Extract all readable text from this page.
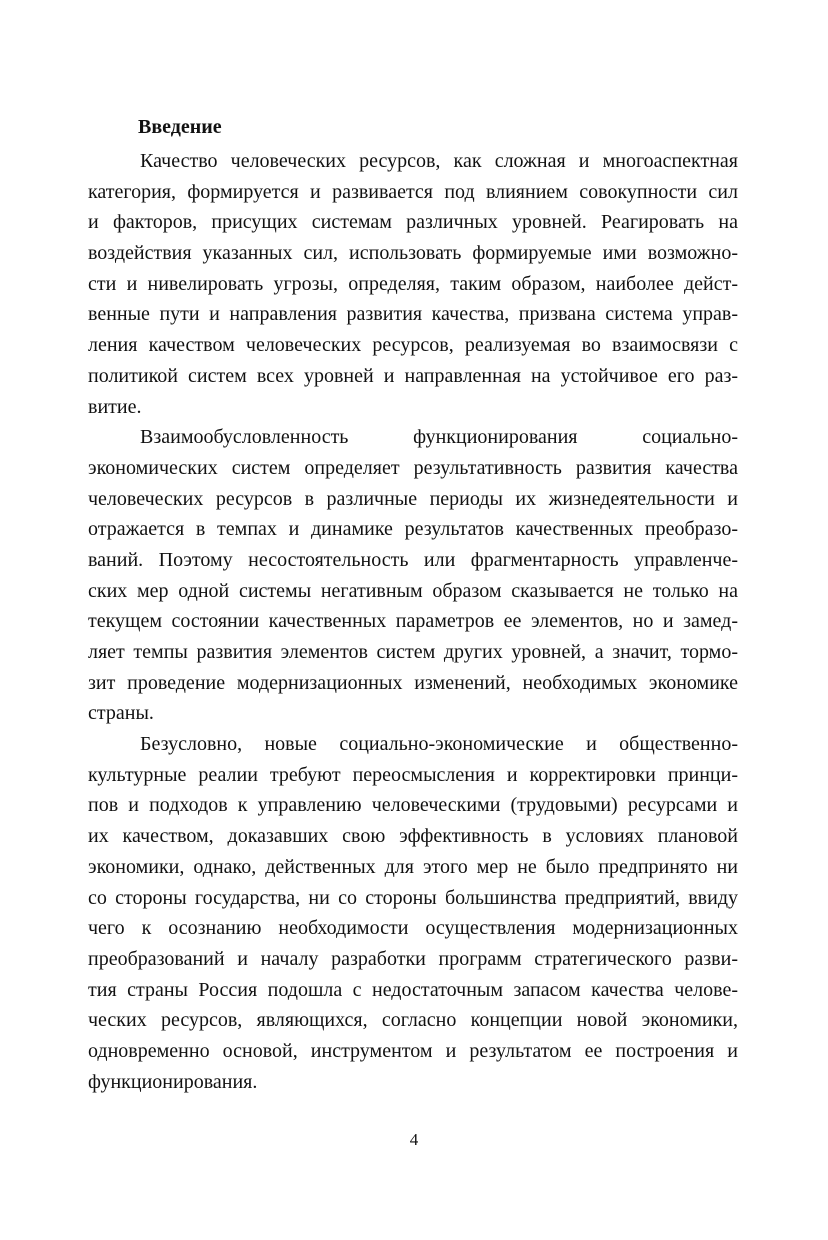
Введение
Качество человеческих ресурсов, как сложная и многоаспектная
категория, формируется и развивается под влиянием совокупности сил
и факторов, присущих системам различных уровней. Реагировать на
воздействия указанных сил, использовать формируемые ими возможно-
сти и нивелировать угрозы, определяя, таким образом, наиболее дейст-
венные пути и направления развития качества, призвана система управ-
ления качеством человеческих ресурсов, реализуемая во взаимосвязи с
политикой систем всех уровней и направленная на устойчивое его раз-
витие.
Взаимообусловленность функционирования социально-
экономических систем определяет результативность развития качества
человеческих ресурсов в различные периоды их жизнедеятельности и
отражается в темпах и динамике результатов качественных преобразо-
ваний. Поэтому несостоятельность или фрагментарность управленче-
ских мер одной системы негативным образом сказывается не только на
текущем состоянии качественных параметров ее элементов, но и замед-
ляет темпы развития элементов систем других уровней, а значит, тормо-
зит проведение модернизационных изменений, необходимых экономике
страны.
Безусловно, новые социально-экономические и общественно-
культурные реалии требуют переосмысления и корректировки принци-
пов и подходов к управлению человеческими (трудовыми) ресурсами и
их качеством, доказавших свою эффективность в условиях плановой
экономики, однако, действенных для этого мер не было предпринято ни
со стороны государства, ни со стороны большинства предприятий, ввиду
чего к осознанию необходимости осуществления модернизационных
преобразований и началу разработки программ стратегического разви-
тия страны Россия подошла с недостаточным запасом качества челове-
ческих ресурсов, являющихся, согласно концепции новой экономики,
одновременно основой, инструментом и результатом ее построения и
функционирования.
4
